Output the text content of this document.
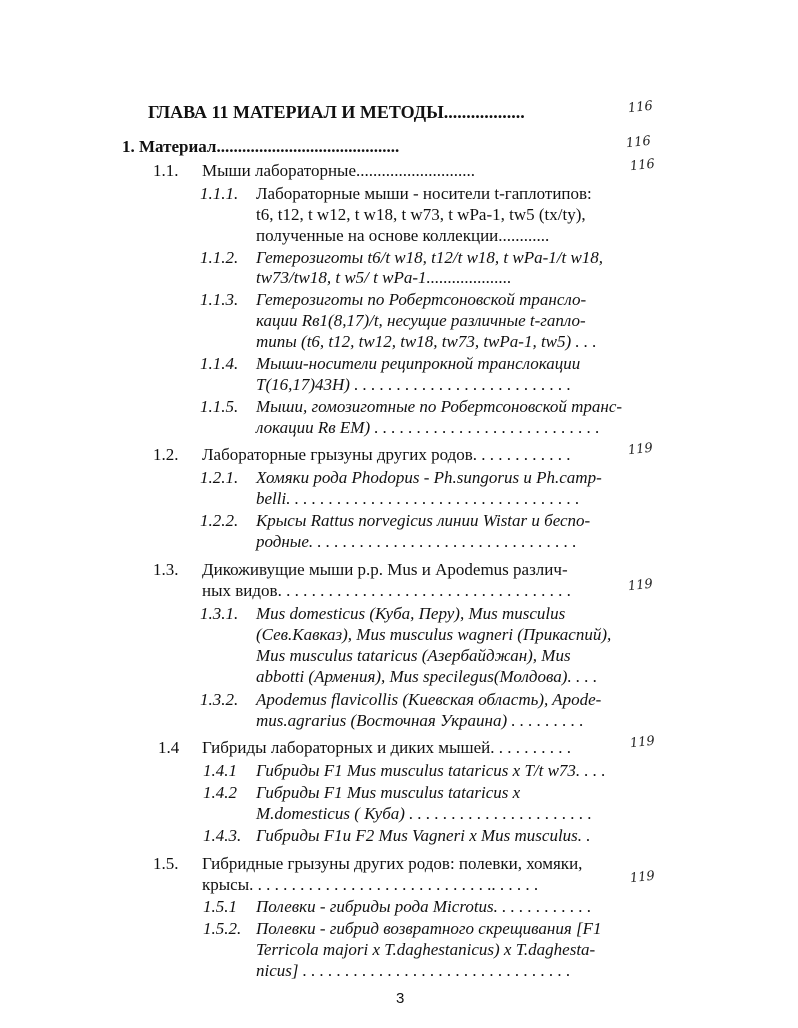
ГЛАВА 11 МАТЕРИАЛ И МЕТОДЫ..................	116
1. Материал...........................................	116
1.1. Мыши лабораторные............................	116
1.1.1. Лабораторные мыши - носители t-гаплотипов:
t6, t12, t w12, t w18, t w73, t wPa-1, tw5 (tx/ty),
полученные на основе коллекции............
1.1.2. Гетерозиготы t6/t w18, t12/t w18, t wPa-1/t w18,
tw73/tw18, t w5/ t wPa-1....................
1.1.3. Гетерозиготы по Робертсоновской трансло-
кации Rв1(8,17)/t, несущие различные t-гапло-
типы (t6, t12, tw12, tw18, tw73, twPa-1, tw5) . . .
1.1.4. Мыши-носители реципрокной транслокации
T(16,17)43H) . . . . . . . . . . . . . . . . . . . . . . . . . .
1.1.5. Мыши, гомозиготные по Робертсоновской транс-
локации Rв ЕМ) . . . . . . . . . . . . . . . . . . . . . . . . . . .
1.2. Лабораторные грызуны других родов. . . . . . . . . . . .	119
1.2.1. Хомяки рода Phodopus - Ph.sungorus и Ph.camp-
belli. . . . . . . . . . . . . . . . . . . . . . . . . . . . . . . . . . .
1.2.2. Крысы Rattus norvegicus линии Wistar и беспо-
родные. . . . . . . . . . . . . . . . . . . . . . . . . . . . . . . .
1.3. Дикоживущие мыши р.р. Mus и Apodemus различ-
ных видов. . . . . . . . . . . . . . . . . . . . . . . . . . . . . . . . . . .	119
1.3.1. Mus domesticus (Куба, Перу), Mus musculus
(Сев.Кавказ), Mus musculus wagneri (Прикаспий),
Mus musculus tataricus (Азербайджан), Mus
abbotti (Армения), Mus specilegus(Молдова). . . .
1.3.2. Apodemus flavicollis (Киевская область), Apode-
mus.agrarius (Восточная Украина) . . . . . . . . .
1.4 Гибриды лабораторных и диких мышей. . . . . . . . . .	119
1.4.1 Гибриды F1 Mus musculus tataricus x T/t w73. . . .
1.4.2 Гибриды F1 Mus musculus tataricus x
M.domesticus ( Куба) . . . . . . . . . . . . . . . . . . . . . .
1.4.3. Гибриды F1и F2 Mus Vagneri x Mus musculus. .
1.5. Гибридные грызуны других родов: полевки, хомяки,
крысы. . . . . . . . . . . . . . . . . . . . . . . . . . . . .. . . . . .	119
1.5.1 Полевки - гибриды рода Microtus. . . . . . . . . . . .
1.5.2. Полевки - гибрид возвратного скрещивания [F1
Terricola majori x T.daghestanicus) x T.daghesta-
nicus] . . . . . . . . . . . . . . . . . . . . . . . . . . . . . . . .
3
